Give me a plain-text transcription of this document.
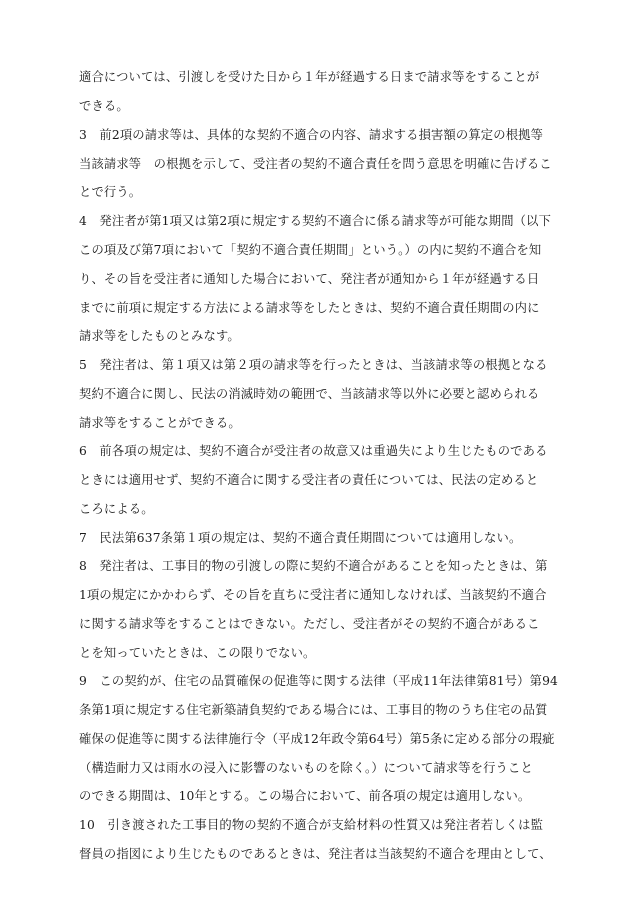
適合については、引渡しを受けた日から１年が経過する日まで請求等をすることが
できる。
3　前2項の請求等は、具体的な契約不適合の内容、請求する損害額の算定の根拠等
当該請求等　の根拠を示して、受注者の契約不適合責任を問う意思を明確に告げるこ
とで行う。
4　発注者が第1項又は第2項に規定する契約不適合に係る請求等が可能な期間（以下
この項及び第7項において「契約不適合責任期間」という。）の内に契約不適合を知
り、その旨を受注者に通知した場合において、発注者が通知から１年が経過する日
までに前項に規定する方法による請求等をしたときは、契約不適合責任期間の内に
請求等をしたものとみなす。
5　発注者は、第１項又は第２項の請求等を行ったときは、当該請求等の根拠となる
契約不適合に関し、民法の消滅時効の範囲で、当該請求等以外に必要と認められる
請求等をすることができる。
6　前各項の規定は、契約不適合が受注者の故意又は重過失により生じたものである
ときには適用せず、契約不適合に関する受注者の責任については、民法の定めると
ころによる。
7　民法第637条第１項の規定は、契約不適合責任期間については適用しない。
8　発注者は、工事目的物の引渡しの際に契約不適合があることを知ったときは、第
1項の規定にかかわらず、その旨を直ちに受注者に通知しなければ、当該契約不適合
に関する請求等をすることはできない。ただし、受注者がその契約不適合があるこ
とを知っていたときは、この限りでない。
9　この契約が、住宅の品質確保の促進等に関する法律（平成11年法律第81号）第94
条第1項に規定する住宅新築請負契約である場合には、工事目的物のうち住宅の品質
確保の促進等に関する法律施行令（平成12年政令第64号）第5条に定める部分の瑕疵
（構造耐力又は雨水の浸入に影響のないものを除く。）について請求等を行うこと
のできる期間は、10年とする。この場合において、前各項の規定は適用しない。
10　引き渡された工事目的物の契約不適合が支給材料の性質又は発注者若しくは監
督員の指図により生じたものであるときは、発注者は当該契約不適合を理由として、
